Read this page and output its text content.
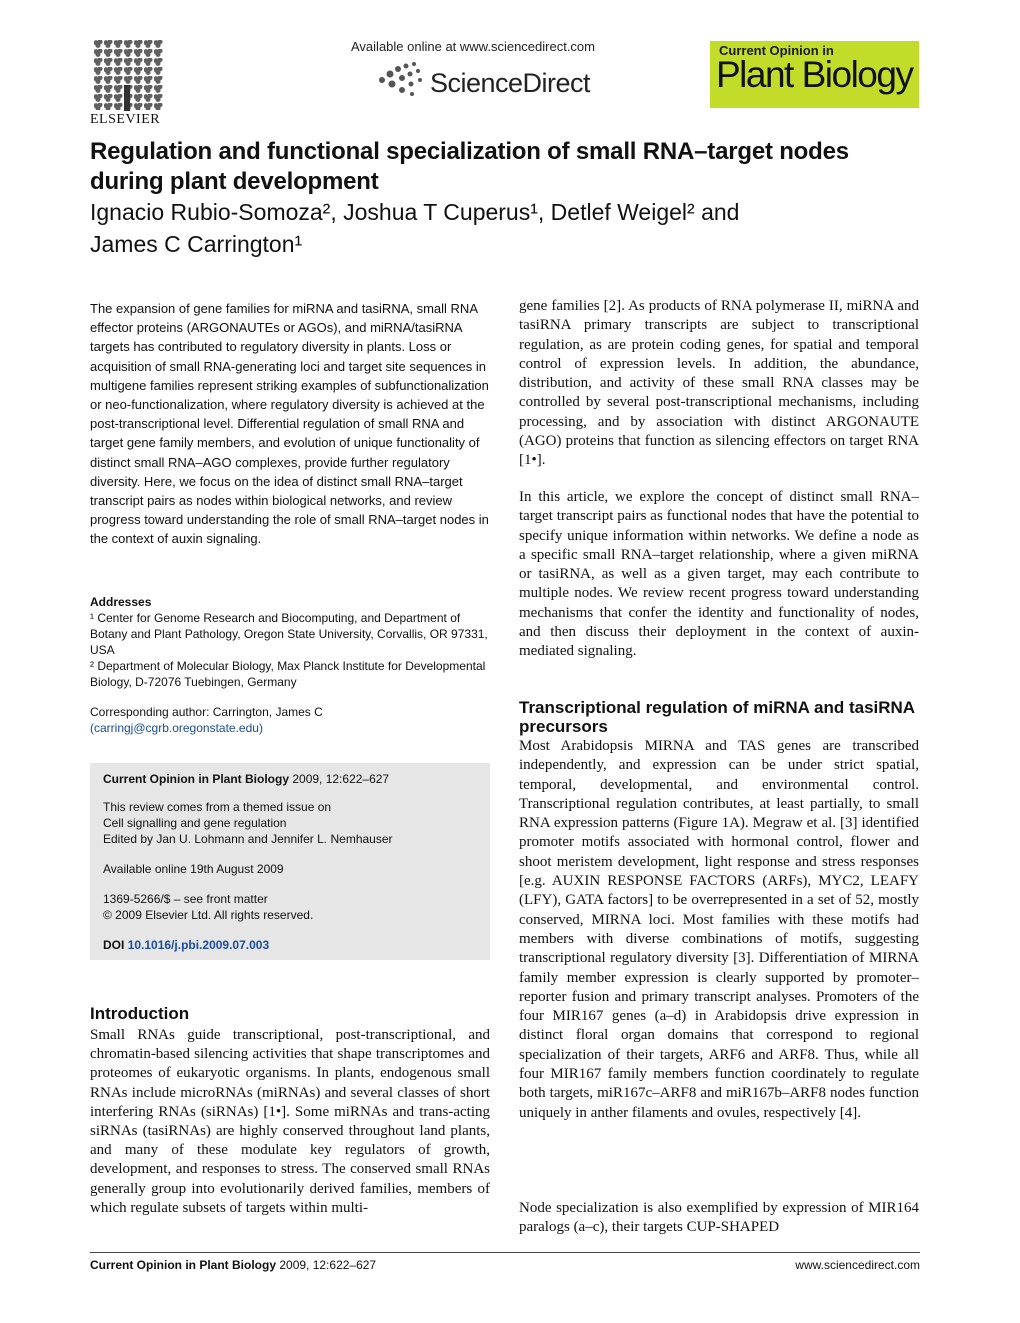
ELSEVIER
Available online at www.sciencedirect.com
ScienceDirect
Current Opinion in
Plant Biology
Regulation and functional specialization of small RNA–target nodes during plant development
Ignacio Rubio-Somoza², Joshua T Cuperus¹, Detlef Weigel² and
James C Carrington¹
The expansion of gene families for miRNA and tasiRNA, small RNA effector proteins (ARGONAUTEs or AGOs), and miRNA/tasiRNA targets has contributed to regulatory diversity in plants. Loss or acquisition of small RNA-generating loci and target site sequences in multigene families represent striking examples of subfunctionalization or neo-functionalization, where regulatory diversity is achieved at the post-transcriptional level. Differential regulation of small RNA and target gene family members, and evolution of unique functionality of distinct small RNA–AGO complexes, provide further regulatory diversity. Here, we focus on the idea of distinct small RNA–target transcript pairs as nodes within biological networks, and review progress toward understanding the role of small RNA–target nodes in the context of auxin signaling.
Addresses
¹ Center for Genome Research and Biocomputing, and Department of Botany and Plant Pathology, Oregon State University, Corvallis, OR 97331, USA
² Department of Molecular Biology, Max Planck Institute for Developmental Biology, D-72076 Tuebingen, Germany
Corresponding author: Carrington, James C
(carringj@cgrb.oregonstate.edu)
Current Opinion in Plant Biology 2009, 12:622–627
This review comes from a themed issue on
Cell signalling and gene regulation
Edited by Jan U. Lohmann and Jennifer L. Nemhauser
Available online 19th August 2009
1369-5266/$ – see front matter
© 2009 Elsevier Ltd. All rights reserved.
DOI 10.1016/j.pbi.2009.07.003
Introduction
Small RNAs guide transcriptional, post-transcriptional, and chromatin-based silencing activities that shape transcriptomes and proteomes of eukaryotic organisms. In plants, endogenous small RNAs include microRNAs (miRNAs) and several classes of short interfering RNAs (siRNAs) [1•]. Some miRNAs and trans-acting siRNAs (tasiRNAs) are highly conserved throughout land plants, and many of these modulate key regulators of growth, development, and responses to stress. The conserved small RNAs generally group into evolutionarily derived families, members of which regulate subsets of targets within multi-
gene families [2]. As products of RNA polymerase II, miRNA and tasiRNA primary transcripts are subject to transcriptional regulation, as are protein coding genes, for spatial and temporal control of expression levels. In addition, the abundance, distribution, and activity of these small RNA classes may be controlled by several post-transcriptional mechanisms, including processing, and by association with distinct ARGONAUTE (AGO) proteins that function as silencing effectors on target RNA [1•].
In this article, we explore the concept of distinct small RNA–target transcript pairs as functional nodes that have the potential to specify unique information within networks. We define a node as a specific small RNA–target relationship, where a given miRNA or tasiRNA, as well as a given target, may each contribute to multiple nodes. We review recent progress toward understanding mechanisms that confer the identity and functionality of nodes, and then discuss their deployment in the context of auxin-mediated signaling.
Transcriptional regulation of miRNA and tasiRNA precursors
Most Arabidopsis MIRNA and TAS genes are transcribed independently, and expression can be under strict spatial, temporal, developmental, and environmental control. Transcriptional regulation contributes, at least partially, to small RNA expression patterns (Figure 1A). Megraw et al. [3] identified promoter motifs associated with hormonal control, flower and shoot meristem development, light response and stress responses [e.g. AUXIN RESPONSE FACTORS (ARFs), MYC2, LEAFY (LFY), GATA factors] to be overrepresented in a set of 52, mostly conserved, MIRNA loci. Most families with these motifs had members with diverse combinations of motifs, suggesting transcriptional regulatory diversity [3]. Differentiation of MIRNA family member expression is clearly supported by promoter–reporter fusion and primary transcript analyses. Promoters of the four MIR167 genes (a–d) in Arabidopsis drive expression in distinct floral organ domains that correspond to regional specialization of their targets, ARF6 and ARF8. Thus, while all four MIR167 family members function coordinately to regulate both targets, miR167c–ARF8 and miR167b–ARF8 nodes function uniquely in anther filaments and ovules, respectively [4].
Node specialization is also exemplified by expression of MIR164 paralogs (a–c), their targets CUP-SHAPED
Current Opinion in Plant Biology 2009, 12:622–627	www.sciencedirect.com
